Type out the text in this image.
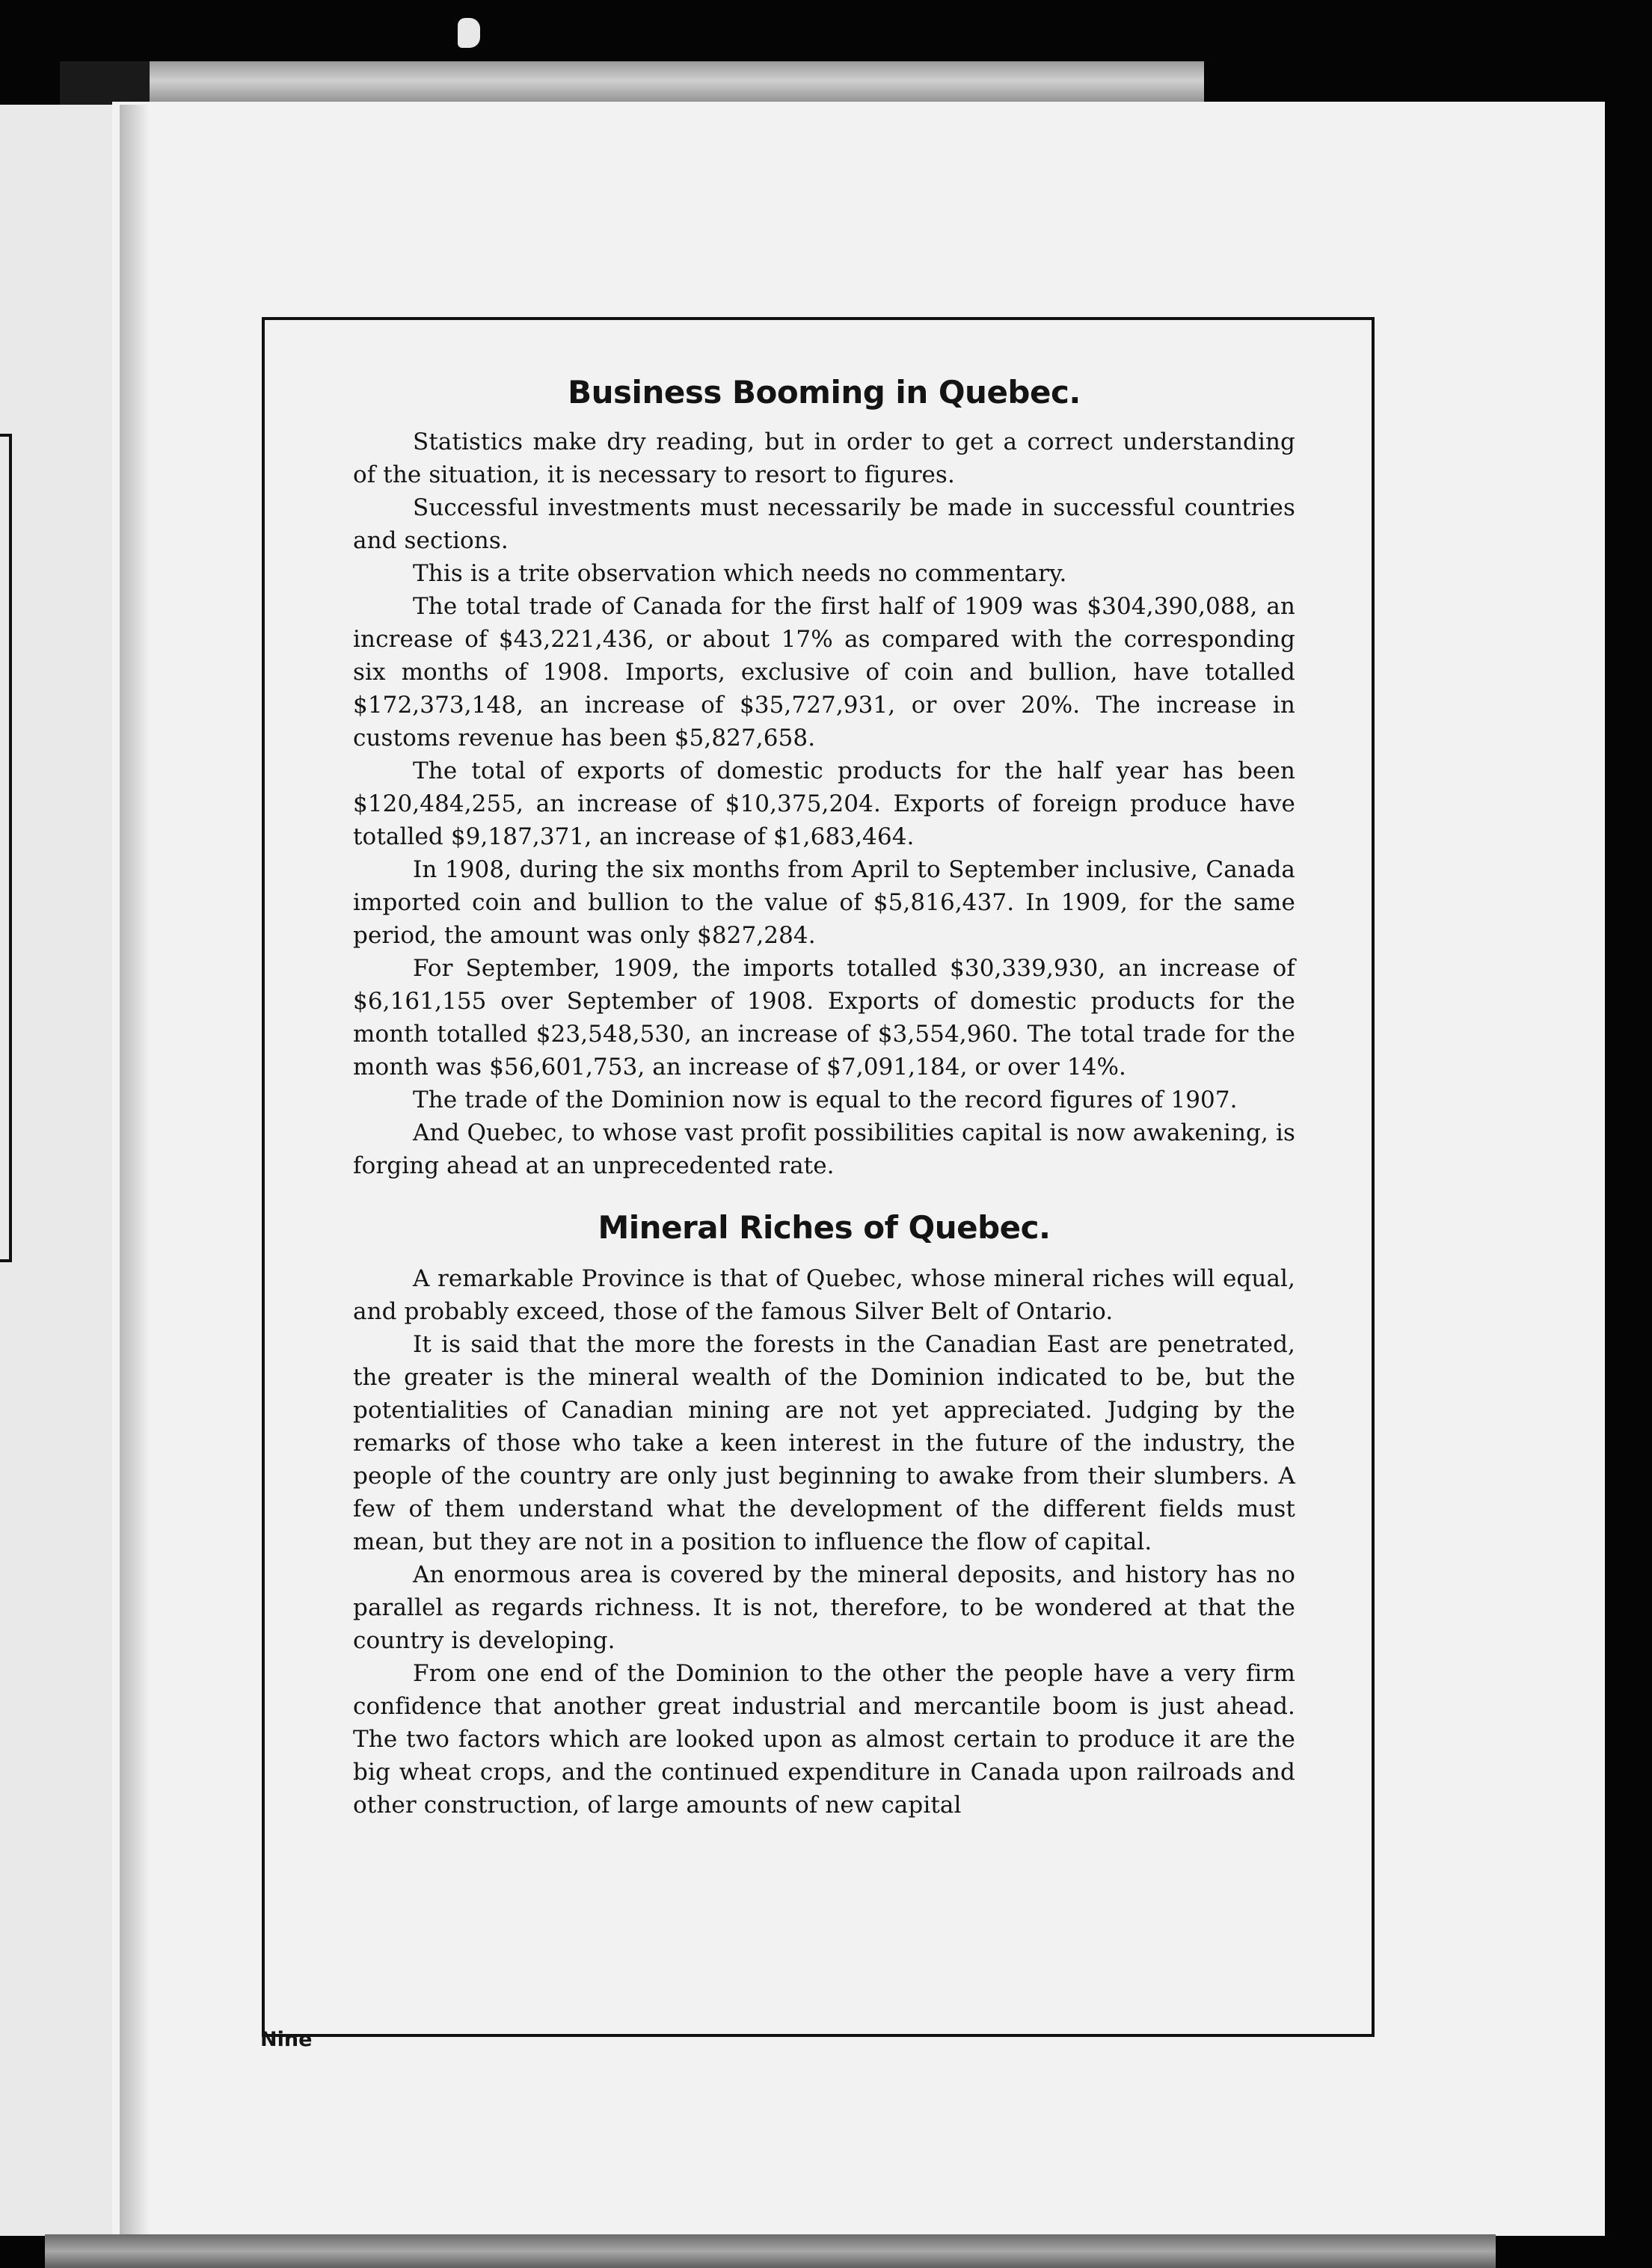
Business Booming in Quebec.

Statistics make dry reading, but in order to get a correct understanding of the situation, it is necessary to resort to figures.

Successful investments must necessarily be made in successful countries and sections.

This is a trite observation which needs no commentary.

The total trade of Canada for the first half of 1909 was $304,390,088, an increase of $43,221,436, or about 17% as compared with the corresponding six months of 1908. Imports, exclusive of coin and bullion, have totalled $172,373,148, an increase of $35,727,931, or over 20%. The increase in customs revenue has been $5,827,658.

The total of exports of domestic products for the half year has been $120,484,255, an increase of $10,375,204. Exports of foreign produce have totalled $9,187,371, an increase of $1,683,464.

In 1908, during the six months from April to September inclusive, Canada imported coin and bullion to the value of $5,816,437. In 1909, for the same period, the amount was only $827,284.

For September, 1909, the imports totalled $30,339,930, an increase of $6,161,155 over September of 1908. Exports of domestic products for the month totalled $23,548,530, an increase of $3,554,960. The total trade for the month was $56,601,753, an increase of $7,091,184, or over 14%.

The trade of the Dominion now is equal to the record figures of 1907.

And Quebec, to whose vast profit possibilities capital is now awakening, is forging ahead at an unprecedented rate.

Mineral Riches of Quebec.

A remarkable Province is that of Quebec, whose mineral riches will equal, and probably exceed, those of the famous Silver Belt of Ontario.

It is said that the more the forests in the Canadian East are penetrated, the greater is the mineral wealth of the Dominion indicated to be, but the potentialities of Canadian mining are not yet appreciated. Judging by the remarks of those who take a keen interest in the future of the industry, the people of the country are only just beginning to awake from their slumbers. A few of them understand what the development of the different fields must mean, but they are not in a position to influence the flow of capital.

An enormous area is covered by the mineral deposits, and history has no parallel as regards richness. It is not, therefore, to be wondered at that the country is developing.

From one end of the Dominion to the other the people have a very firm confidence that another great industrial and mercantile boom is just ahead. The two factors which are looked upon as almost certain to produce it are the big wheat crops, and the continued expenditure in Canada upon railroads and other construction, of large amounts of new capital

Nine
